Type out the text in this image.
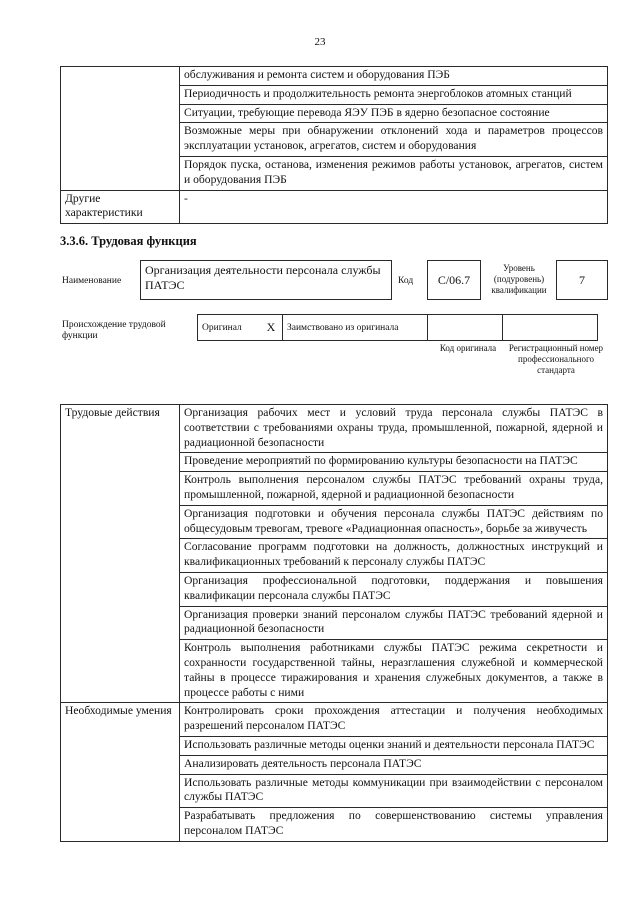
23
	обслуживания и ремонта систем и оборудования ПЭБ
	Периодичность и продолжительность ремонта энергоблоков атомных станций
	Ситуации, требующие перевода ЯЭУ ПЭБ в ядерно безопасное состояние
	Возможные меры при обнаружении отклонений хода и параметров процессов эксплуатации установок, агрегатов, систем и оборудования
	Порядок пуска, останова, изменения режимов работы установок, агрегатов, систем и оборудования ПЭБ
Другие характеристики	-
3.3.6. Трудовая функция
Наименование
Организация деятельности персонала службы ПАТЭС	Код	C/06.7
Уровень (подуровень) квалификации
7
Происхождение трудовой функции
Оригинал	X	Заимствовано из оригинала		
Код оригинала	Регистрационный номер профессионального стандарта
Трудовые действия	Организация рабочих мест и условий труда персонала службы ПАТЭС в соответствии с требованиями охраны труда, промышленной, пожарной, ядерной и радиационной безопасности
	Проведение мероприятий по формированию культуры безопасности на ПАТЭС
	Контроль выполнения персоналом службы ПАТЭС требований охраны труда, промышленной, пожарной, ядерной и радиационной безопасности
	Организация подготовки и обучения персонала службы ПАТЭС действиям по общесудовым тревогам, тревоге «Радиационная опасность», борьбе за живучесть
	Согласование программ подготовки на должность, должностных инструкций и квалификационных требований к персоналу службы ПАТЭС
	Организация профессиональной подготовки, поддержания и повышения квалификации персонала службы ПАТЭС
	Организация проверки знаний персоналом службы ПАТЭС требований ядерной и радиационной безопасности
	Контроль выполнения работниками службы ПАТЭС режима секретности и сохранности государственной тайны, неразглашения служебной и коммерческой тайны в процессе тиражирования и хранения служебных документов, а также в процессе работы с ними
Необходимые умения	Контролировать сроки прохождения аттестации и получения необходимых разрешений персоналом ПАТЭС
	Использовать различные методы оценки знаний и деятельности персонала ПАТЭС
	Анализировать деятельность персонала ПАТЭС
	Использовать различные методы коммуникации при взаимодействии с персоналом службы ПАТЭС
	Разрабатывать предложения по совершенствованию системы управления персоналом ПАТЭС
